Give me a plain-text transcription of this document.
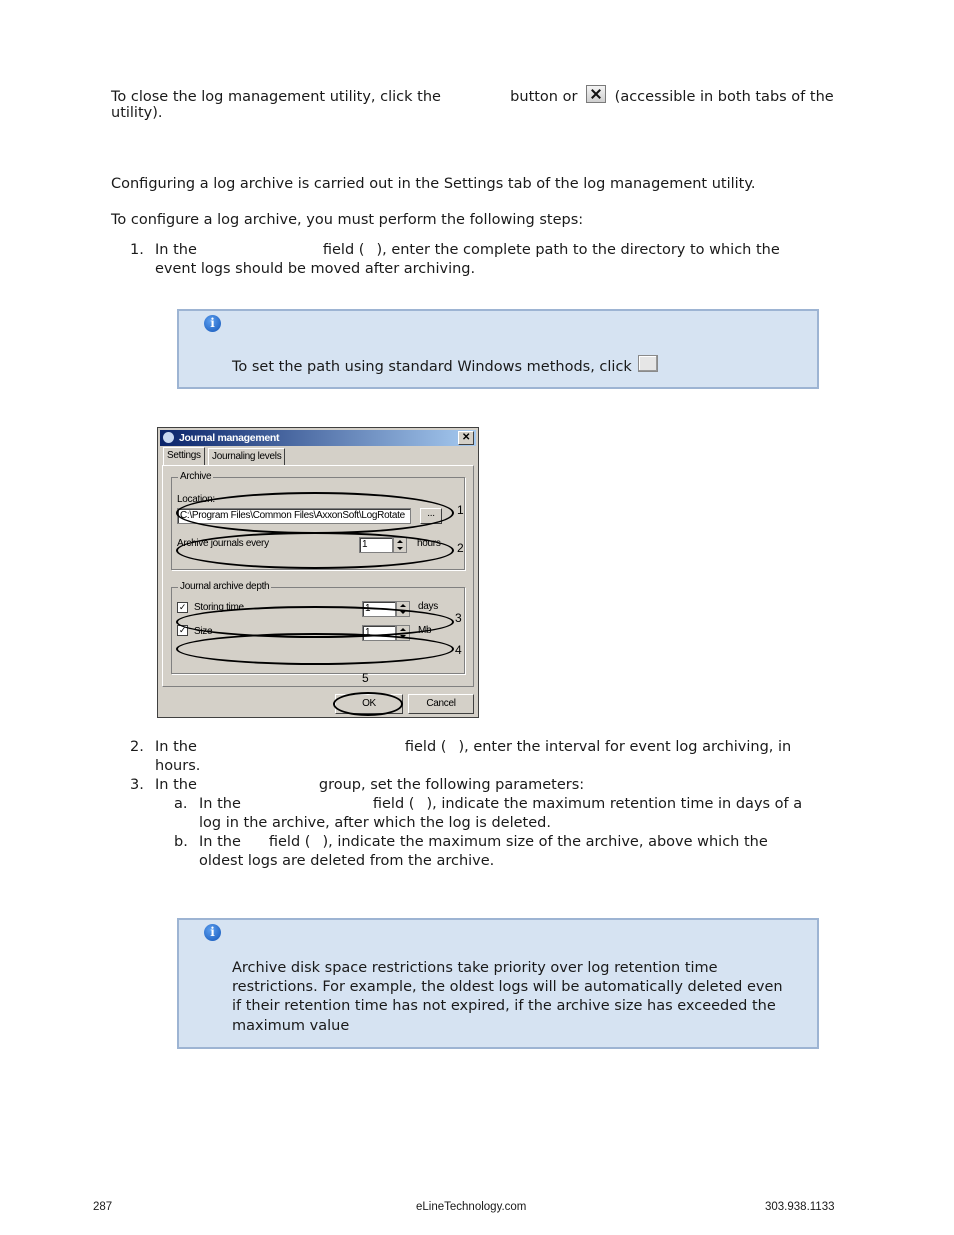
To close the log management utility, click the	button or	(accessible in both tabs of the
utility).
Configuring a log archive is carried out in the Settings tab of the log management utility.
To configure a log archive, you must perform the following steps:
1. In the	field ( ), enter the complete path to the directory to which the
event logs should be moved after archiving.
i
To set the path using standard Windows methods, click
Journal management	✕
Settings	Journaling levels
Archive
Location:
C:\Program Files\Common Files\AxxonSoft\LogRotate	...
Archive journals every	1	hours
Journal archive depth
✓ Storing time	1	days
✓ Size	1	Mb
OK	Cancel
1
2
3
4
5
2. In the	field ( ), enter the interval for event log archiving, in
hours.
3. In the	group, set the following parameters:
a. In the	field ( ), indicate the maximum retention time in days of a
log in the archive, after which the log is deleted.
b. In the field ( ), indicate the maximum size of the archive, above which the
oldest logs are deleted from the archive.
i
Archive disk space restrictions take priority over log retention time
restrictions. For example, the oldest logs will be automatically deleted even
if their retention time has not expired, if the archive size has exceeded the
maximum value
287	eLineTechnology.com	303.938.1133
